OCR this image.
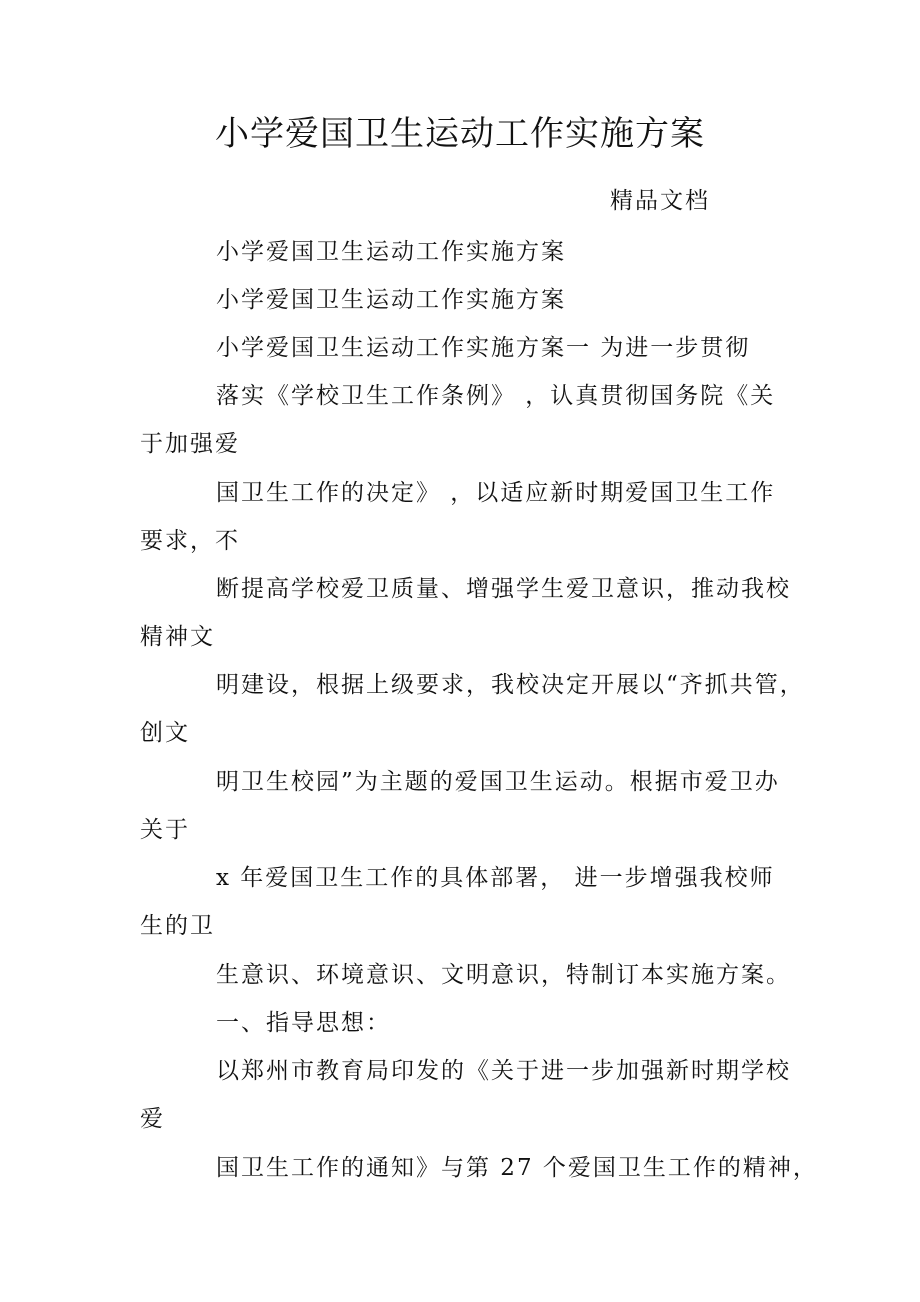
小学爱国卫生运动工作实施方案
精品文档
小学爱国卫生运动工作实施方案
小学爱国卫生运动工作实施方案
小学爱国卫生运动工作实施方案一 为进一步贯彻
落实《学校卫生工作条例》 ，认真贯彻国务院《关
于加强爱
国卫生工作的决定》 ，以适应新时期爱国卫生工作
要求，不
断提高学校爱卫质量、增强学生爱卫意识，推动我校
精神文
明建设，根据上级要求，我校决定开展以“齐抓共管，
创文
明卫生校园”为主题的爱国卫生运动。根据市爱卫办
关于
x 年爱国卫生工作的具体部署， 进一步增强我校师
生的卫
生意识、环境意识、文明意识，特制订本实施方案。
一、指导思想：
以郑州市教育局印发的《关于进一步加强新时期学校
爱
国卫生工作的通知》与第 27 个爱国卫生工作的精神，
